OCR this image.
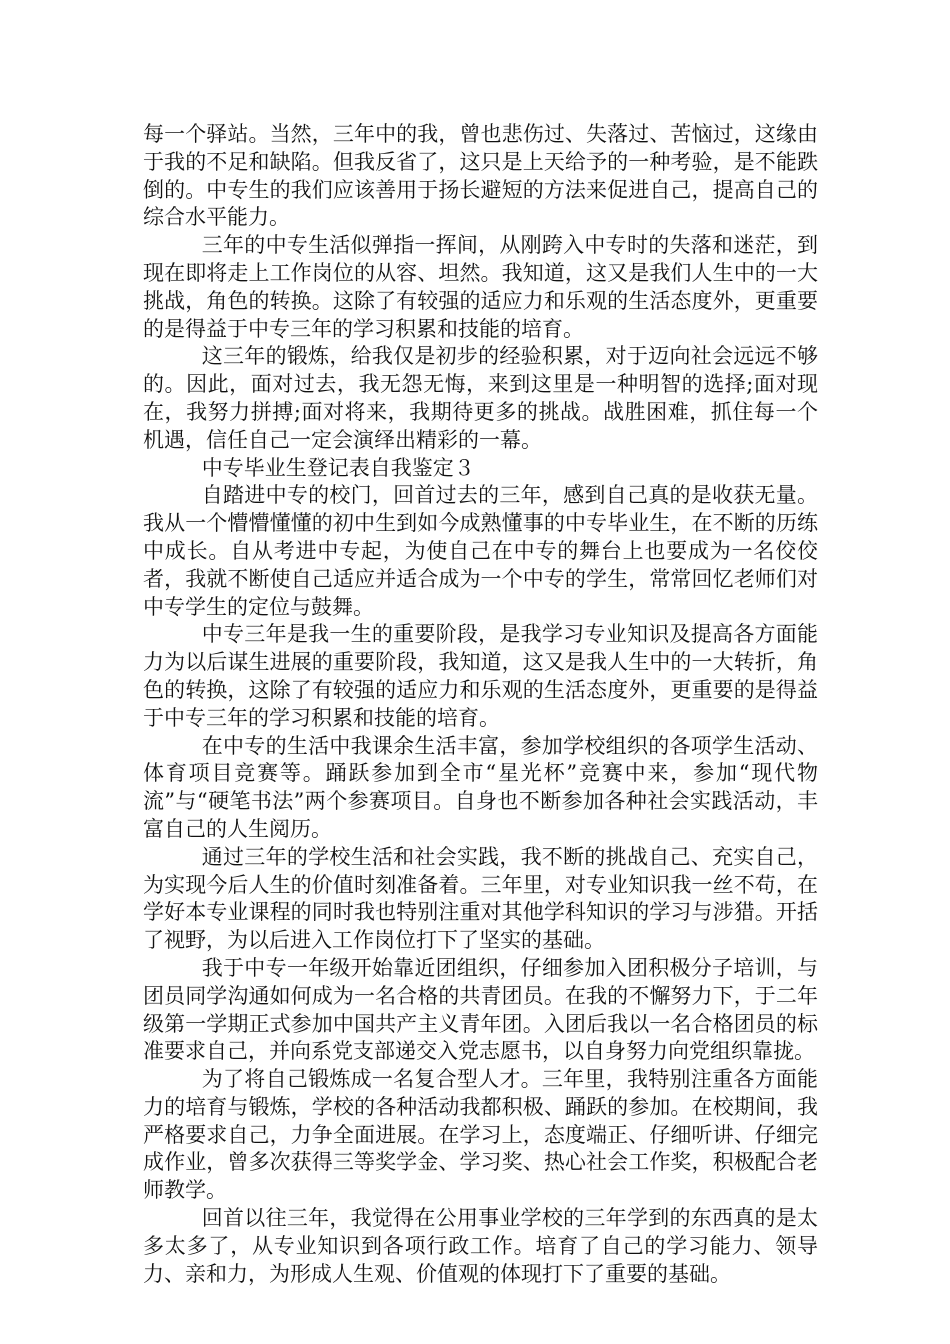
每一个驿站。当然，三年中的我，曾也悲伤过、失落过、苦恼过，这缘由于我的不足和缺陷。但我反省了，这只是上天给予的一种考验，是不能跌倒的。中专生的我们应该善用于扬长避短的方法来促进自己，提高自己的综合水平能力。

三年的中专生活似弹指一挥间，从刚跨入中专时的失落和迷茫，到现在即将走上工作岗位的从容、坦然。我知道，这又是我们人生中的一大挑战，角色的转换。这除了有较强的适应力和乐观的生活态度外，更重要的是得益于中专三年的学习积累和技能的培育。

这三年的锻炼，给我仅是初步的经验积累，对于迈向社会远远不够的。因此，面对过去，我无怨无悔，来到这里是一种明智的选择;面对现在，我努力拼搏;面对将来，我期待更多的挑战。战胜困难，抓住每一个机遇，信任自己一定会演绎出精彩的一幕。

中专毕业生登记表自我鉴定３

自踏进中专的校门，回首过去的三年，感到自己真的是收获无量。我从一个懵懵懂懂的初中生到如今成熟懂事的中专毕业生，在不断的历练中成长。自从考进中专起，为使自己在中专的舞台上也要成为一名佼佼者，我就不断使自己适应并适合成为一个中专的学生，常常回忆老师们对中专学生的定位与鼓舞。

中专三年是我一生的重要阶段，是我学习专业知识及提高各方面能力为以后谋生进展的重要阶段，我知道，这又是我人生中的一大转折，角色的转换，这除了有较强的适应力和乐观的生活态度外，更重要的是得益于中专三年的学习积累和技能的培育。

在中专的生活中我课余生活丰富，参加学校组织的各项学生活动、体育项目竞赛等。踊跃参加到全市“星光杯”竞赛中来，参加“现代物流”与“硬笔书法”两个参赛项目。自身也不断参加各种社会实践活动，丰富自己的人生阅历。

通过三年的学校生活和社会实践，我不断的挑战自己、充实自己，为实现今后人生的价值时刻准备着。三年里，对专业知识我一丝不苟，在学好本专业课程的同时我也特别注重对其他学科知识的学习与涉猎。开括了视野，为以后进入工作岗位打下了坚实的基础。

我于中专一年级开始靠近团组织，仔细参加入团积极分子培训，与团员同学沟通如何成为一名合格的共青团员。在我的不懈努力下，于二年级第一学期正式参加中国共产主义青年团。入团后我以一名合格团员的标准要求自己，并向系党支部递交入党志愿书，以自身努力向党组织靠拢。

为了将自己锻炼成一名复合型人才。三年里，我特别注重各方面能力的培育与锻炼，学校的各种活动我都积极、踊跃的参加。在校期间，我严格要求自己，力争全面进展。在学习上，态度端正、仔细听讲、仔细完成作业，曾多次获得三等奖学金、学习奖、热心社会工作奖，积极配合老师教学。

回首以往三年，我觉得在公用事业学校的三年学到的东西真的是太多太多了，从专业知识到各项行政工作。培育了自己的学习能力、领导力、亲和力，为形成人生观、价值观的体现打下了重要的基础。
